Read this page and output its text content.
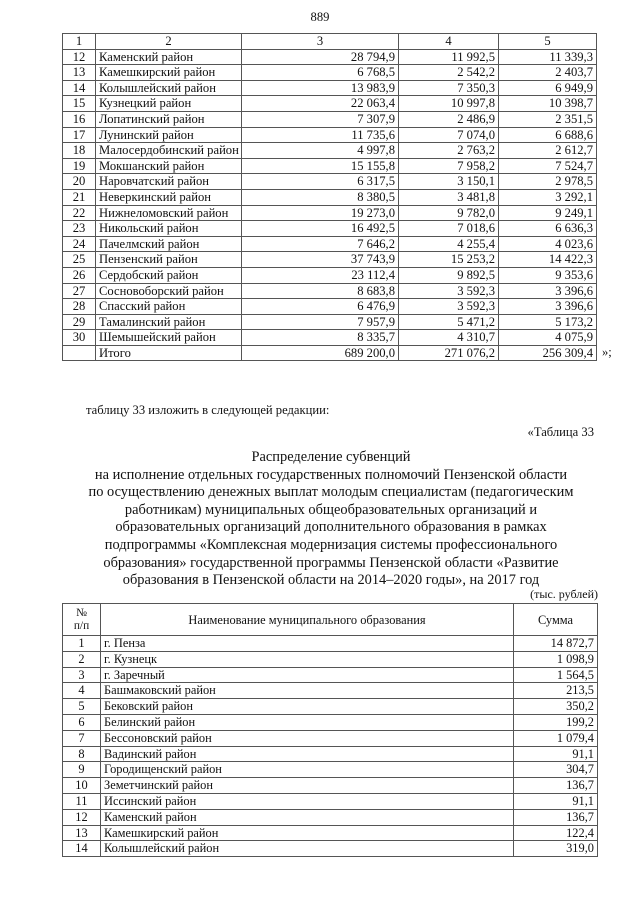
889
1	2	3	4	5
12	Каменский район	28 794,9	11 992,5	11 339,3
13	Камешкирский район	6 768,5	2 542,2	2 403,7
14	Колышлейский район	13 983,9	7 350,3	6 949,9
15	Кузнецкий район	22 063,4	10 997,8	10 398,7
16	Лопатинский район	7 307,9	2 486,9	2 351,5
17	Лунинский район	11 735,6	7 074,0	6 688,6
18	Малосердобинский район	4 997,8	2 763,2	2 612,7
19	Мокшанский район	15 155,8	7 958,2	7 524,7
20	Наровчатский район	6 317,5	3 150,1	2 978,5
21	Неверкинский район	8 380,5	3 481,8	3 292,1
22	Нижнеломовский район	19 273,0	9 782,0	9 249,1
23	Никольский район	16 492,5	7 018,6	6 636,3
24	Пачелмский район	7 646,2	4 255,4	4 023,6
25	Пензенский район	37 743,9	15 253,2	14 422,3
26	Сердобский район	23 112,4	9 892,5	9 353,6
27	Сосновоборский район	8 683,8	3 592,3	3 396,6
28	Спасский район	6 476,9	3 592,3	3 396,6
29	Тамалинский район	7 957,9	5 471,2	5 173,2
30	Шемышейский район	8 335,7	4 310,7	4 075,9
	Итого	689 200,0	271 076,2	256 309,4 »;
таблицу 33 изложить в следующей редакции:
«Таблица 33
Распределение субвенций
на исполнение отдельных государственных полномочий Пензенской области
по осуществлению денежных выплат молодым специалистам (педагогическим
работникам) муниципальных общеобразовательных организаций и
образовательных организаций дополнительного образования в рамках
подпрограммы «Комплексная модернизация системы профессионального
образования» государственной программы Пензенской области «Развитие
образования в Пензенской области на 2014–2020 годы», на 2017 год
(тыс. рублей)
№
п/п	Наименование муниципального образования	Сумма
1	г. Пенза	14 872,7
2	г. Кузнецк	1 098,9
3	г. Заречный	1 564,5
4	Башмаковский район	213,5
5	Бековский район	350,2
6	Белинский район	199,2
7	Бессоновский район	1 079,4
8	Вадинский район	91,1
9	Городищенский район	304,7
10	Земетчинский район	136,7
11	Иссинский район	91,1
12	Каменский район	136,7
13	Камешкирский район	122,4
14	Колышлейский район	319,0
